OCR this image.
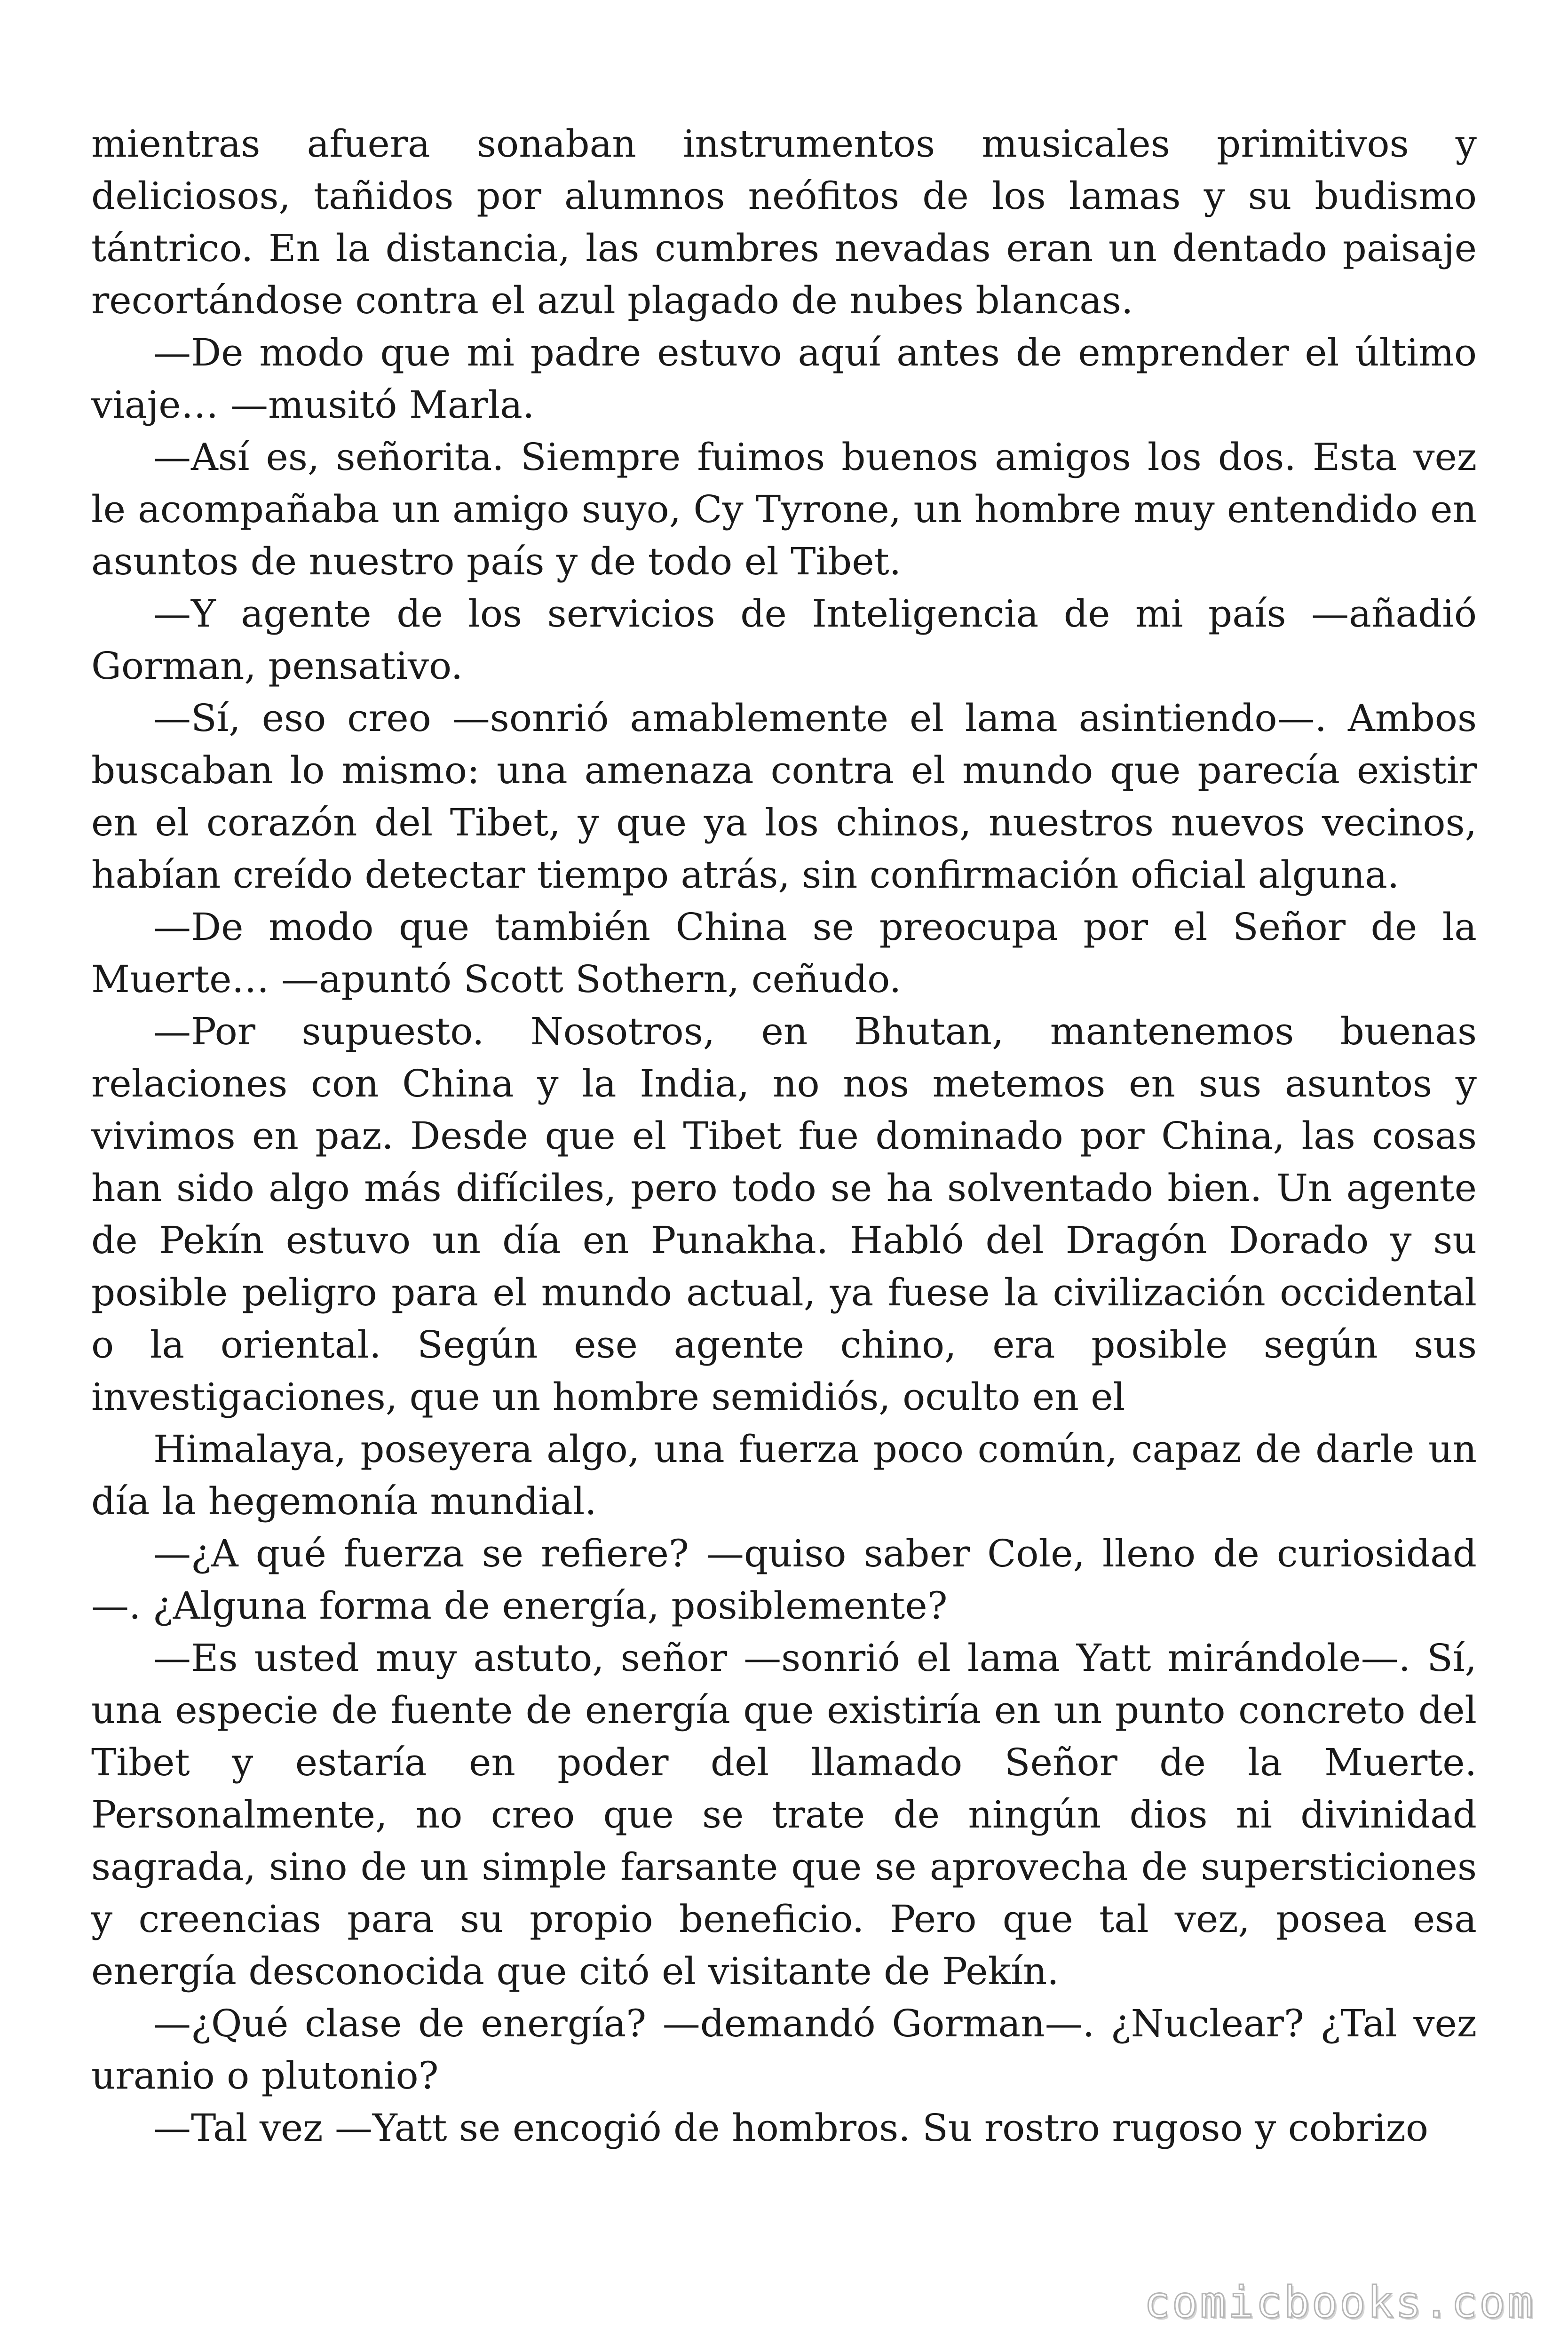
mientras afuera sonaban instrumentos musicales primitivos y deliciosos, tañidos por alumnos neófitos de los lamas y su budismo tántrico. En la distancia, las cumbres nevadas eran un dentado paisaje recortándose contra el azul plagado de nubes blancas.

—De modo que mi padre estuvo aquí antes de emprender el último viaje… —musitó Marla.

—Así es, señorita. Siempre fuimos buenos amigos los dos. Esta vez le acompañaba un amigo suyo, Cy Tyrone, un hombre muy entendido en asuntos de nuestro país y de todo el Tibet.

—Y agente de los servicios de Inteligencia de mi país —añadió Gorman, pensativo.

—Sí, eso creo —sonrió amablemente el lama asintiendo—. Ambos buscaban lo mismo: una amenaza contra el mundo que parecía existir en el corazón del Tibet, y que ya los chinos, nuestros nuevos vecinos, habían creído detectar tiempo atrás, sin confirmación oficial alguna.

—De modo que también China se preocupa por el Señor de la Muerte… —apuntó Scott Sothern, ceñudo.

—Por supuesto. Nosotros, en Bhutan, mantenemos buenas relaciones con China y la India, no nos metemos en sus asuntos y vivimos en paz. Desde que el Tibet fue dominado por China, las cosas han sido algo más difíciles, pero todo se ha solventado bien. Un agente de Pekín estuvo un día en Punakha. Habló del Dragón Dorado y su posible peligro para el mundo actual, ya fuese la civilización occidental o la oriental. Según ese agente chino, era posible según sus investigaciones, que un hombre semidiós, oculto en el

Himalaya, poseyera algo, una fuerza poco común, capaz de darle un día la hegemonía mundial.

—¿A qué fuerza se refiere? —quiso saber Cole, lleno de curiosidad —. ¿Alguna forma de energía, posiblemente?

—Es usted muy astuto, señor —sonrió el lama Yatt mirándole—. Sí, una especie de fuente de energía que existiría en un punto concreto del Tibet y estaría en poder del llamado Señor de la Muerte. Personalmente, no creo que se trate de ningún dios ni divinidad sagrada, sino de un simple farsante que se aprovecha de supersticiones y creencias para su propio beneficio. Pero que tal vez, posea esa energía desconocida que citó el visitante de Pekín.

—¿Qué clase de energía? —demandó Gorman—. ¿Nuclear? ¿Tal vez uranio o plutonio?

—Tal vez —Yatt se encogió de hombros. Su rostro rugoso y cobrizo

comicbooks.com
